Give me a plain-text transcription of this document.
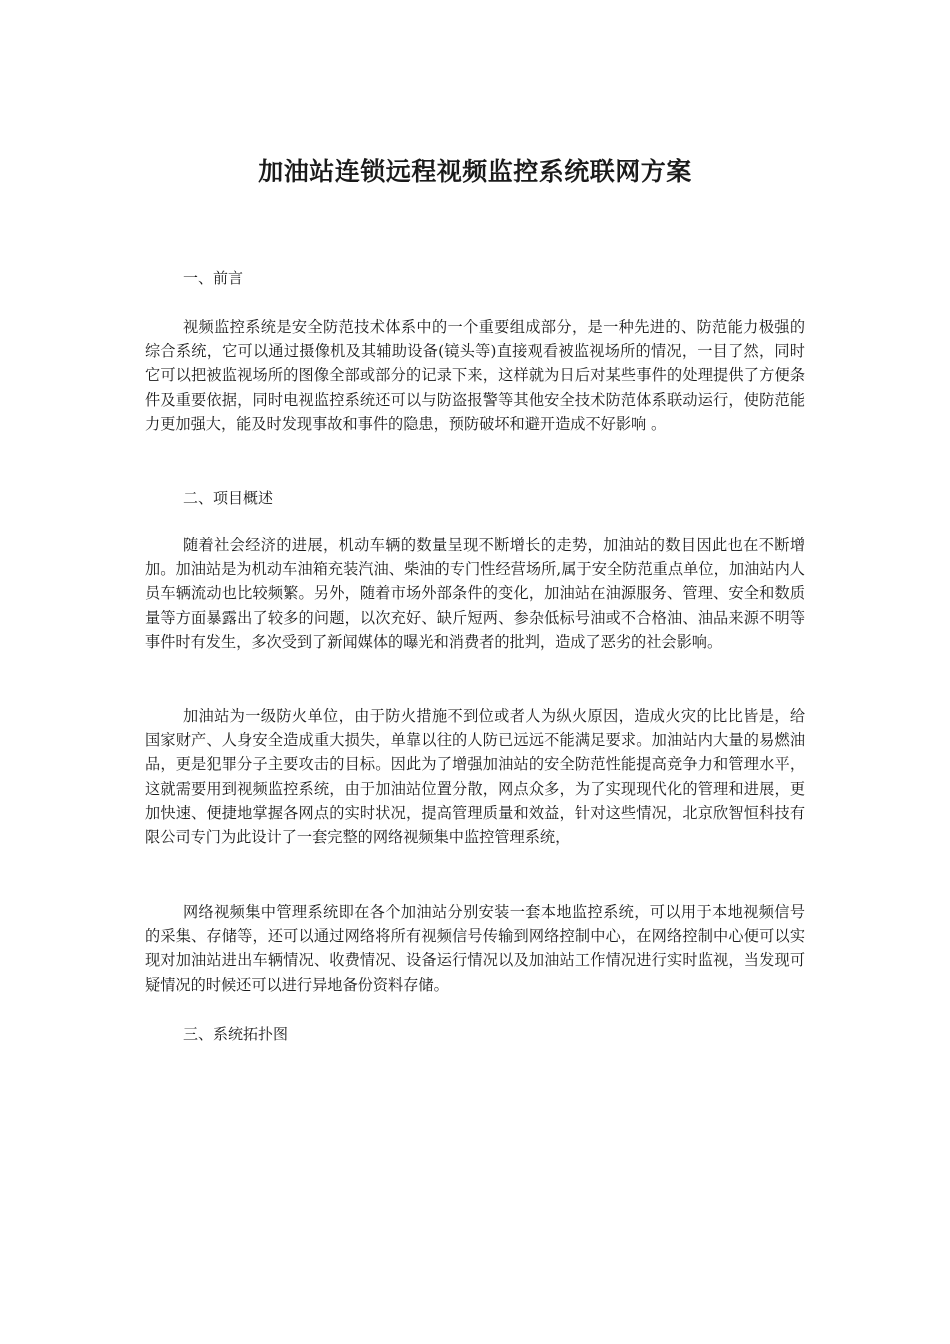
加油站连锁远程视频监控系统联网方案

一、前言

视频监控系统是安全防范技术体系中的一个重要组成部分，是一种先进的、防范能力极强的综合系统，它可以通过摄像机及其辅助设备(镜头等)直接观看被监视场所的情况，一目了然，同时它可以把被监视场所的图像全部或部分的记录下来，这样就为日后对某些事件的处理提供了方便条件及重要依据，同时电视监控系统还可以与防盗报警等其他安全技术防范体系联动运行，使防范能力更加强大，能及时发现事故和事件的隐患，预防破坏和避开造成不好影响 。

二、项目概述

随着社会经济的进展，机动车辆的数量呈现不断增长的走势，加油站的数目因此也在不断增加。加油站是为机动车油箱充装汽油、柴油的专门性经营场所,属于安全防范重点单位，加油站内人员车辆流动也比较频繁。另外，随着市场外部条件的变化，加油站在油源服务、管理、安全和数质量等方面暴露出了较多的问题，以次充好、缺斤短两、参杂低标号油或不合格油、油品来源不明等事件时有发生，多次受到了新闻媒体的曝光和消费者的批判，造成了恶劣的社会影响。

加油站为一级防火单位，由于防火措施不到位或者人为纵火原因，造成火灾的比比皆是，给国家财产、人身安全造成重大损失，单靠以往的人防已远远不能满足要求。加油站内大量的易燃油品，更是犯罪分子主要攻击的目标。因此为了增强加油站的安全防范性能提高竞争力和管理水平，这就需要用到视频监控系统，由于加油站位置分散，网点众多，为了实现现代化的管理和进展，更加快速、便捷地掌握各网点的实时状况，提高管理质量和效益，针对这些情况，北京欣智恒科技有限公司专门为此设计了一套完整的网络视频集中监控管理系统，

网络视频集中管理系统即在各个加油站分别安装一套本地监控系统，可以用于本地视频信号的采集、存储等，还可以通过网络将所有视频信号传输到网络控制中心，在网络控制中心便可以实现对加油站进出车辆情况、收费情况、设备运行情况以及加油站工作情况进行实时监视，当发现可疑情况的时候还可以进行异地备份资料存储。

三、系统拓扑图
